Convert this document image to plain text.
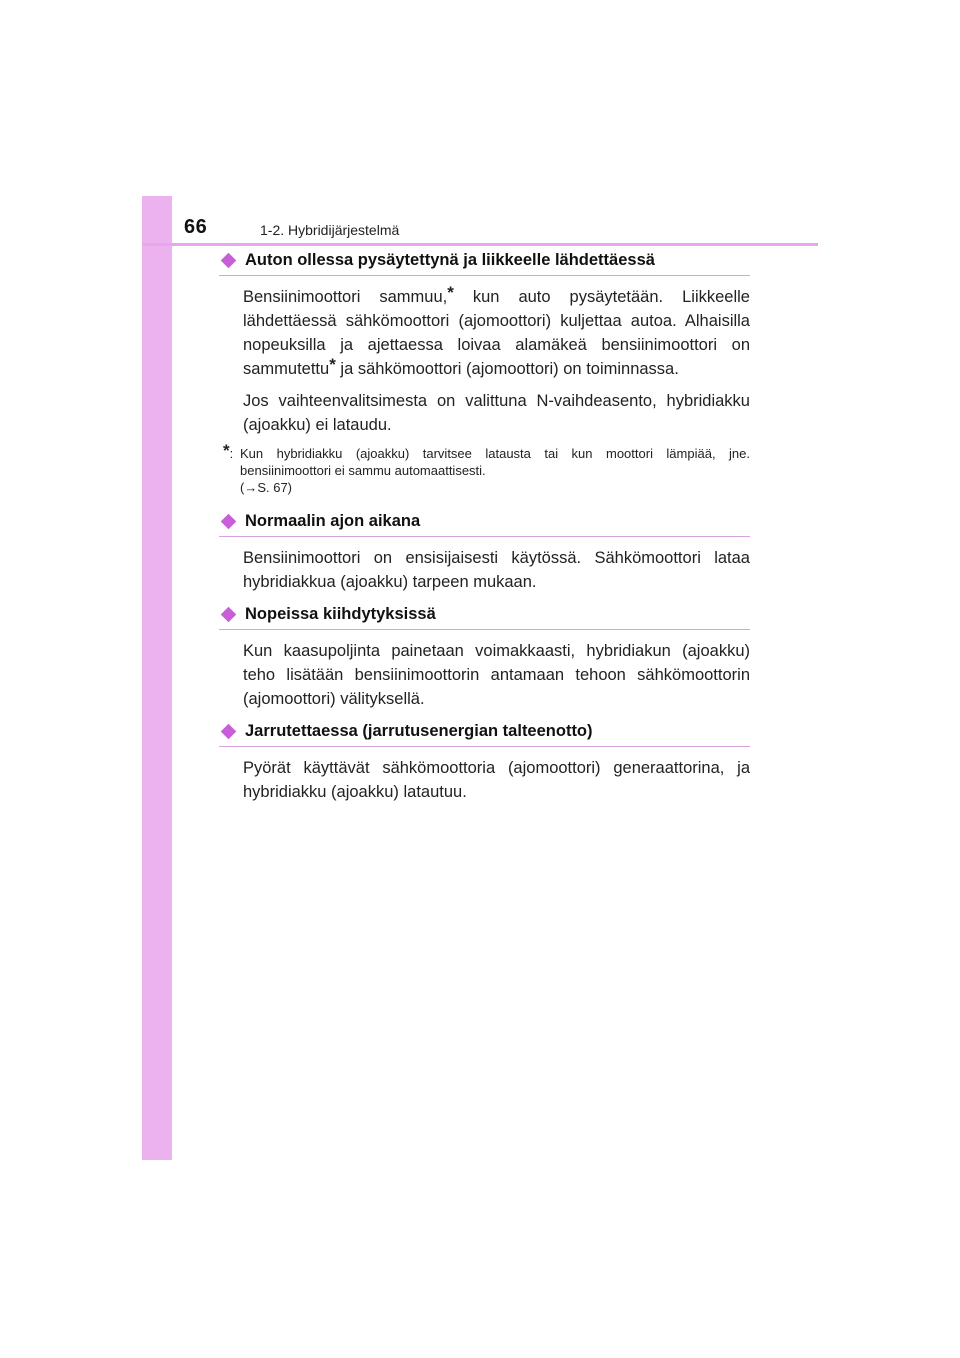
66	1-2. Hybridijärjestelmä
Auton ollessa pysäytettynä ja liikkeelle lähdettäessä

Bensiinimoottori sammuu,* kun auto pysäytetään. Liikkeelle lähdettäessä sähkömoottori (ajomoottori) kuljettaa autoa. Alhaisilla nopeuksilla ja ajettaessa loivaa alamäkeä bensiinimoottori on sammutettu* ja sähkömoottori (ajomoottori) on toiminnassa.

Jos vaihteenvalitsimesta on valittuna N-vaihdeasento, hybridiakku (ajoakku) ei lataudu.

*: Kun hybridiakku (ajoakku) tarvitsee latausta tai kun moottori lämpiää, jne.
bensiinimoottori ei sammu automaattisesti.
(→S. 67)
Normaalin ajon aikana

Bensiinimoottori on ensisijaisesti käytössä. Sähkömoottori lataa hybridiakkua (ajoakku) tarpeen mukaan.

Nopeissa kiihdytyksissä

Kun kaasupoljinta painetaan voimakkaasti, hybridiakun (ajoakku) teho lisätään bensiinimoottorin antamaan tehoon sähkömoottorin (ajomoottori) välityksellä.

Jarrutettaessa (jarrutusenergian talteenotto)

Pyörät käyttävät sähkömoottoria (ajomoottori) generaattorina, ja hybridiakku (ajoakku) latautuu.
